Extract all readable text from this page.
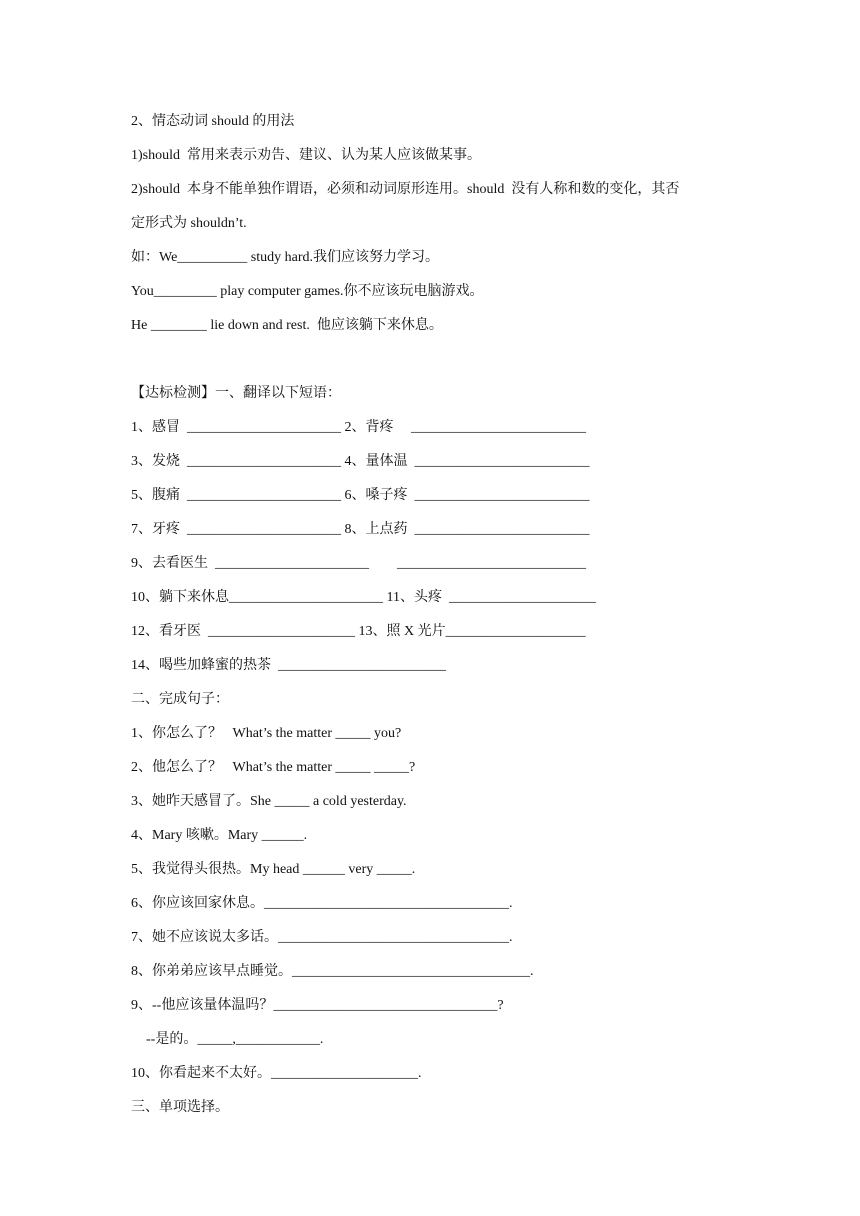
2、情态动词 should 的用法
1)should  常用来表示劝告、建议、认为某人应该做某事。
2)should  本身不能单独作谓语，必须和动词原形连用。should  没有人称和数的变化，其否
定形式为 shouldn’t.
如：We__________ study hard.我们应该努力学习。
You_________ play computer games.你不应该玩电脑游戏。
He ________ lie down and rest.  他应该躺下来休息。
【达标检测】一、翻译以下短语：
1、感冒  ______________________ 2、背疼     _________________________
3、发烧  ______________________ 4、量体温  _________________________
5、腹痛  ______________________ 6、嗓子疼  _________________________
7、牙疼  ______________________ 8、上点药  _________________________
9、去看医生  ______________________        ___________________________
10、躺下来休息______________________ 11、头疼  _____________________
12、看牙医  _____________________ 13、照 X 光片____________________
14、喝些加蜂蜜的热茶  ________________________
二、完成句子：
1、你怎么了？   What’s the matter _____ you?
2、他怎么了？   What’s the matter _____ _____?
3、她昨天感冒了。She _____ a cold yesterday.
4、Mary 咳嗽。Mary ______.
5、我觉得头很热。My head ______ very _____.
6、你应该回家休息。___________________________________.
7、她不应该说太多话。_________________________________.
8、你弟弟应该早点睡觉。__________________________________.
9、--他应该量体温吗？________________________________?
--是的。_____,____________.
10、你看起来不太好。_____________________.
三、单项选择。
